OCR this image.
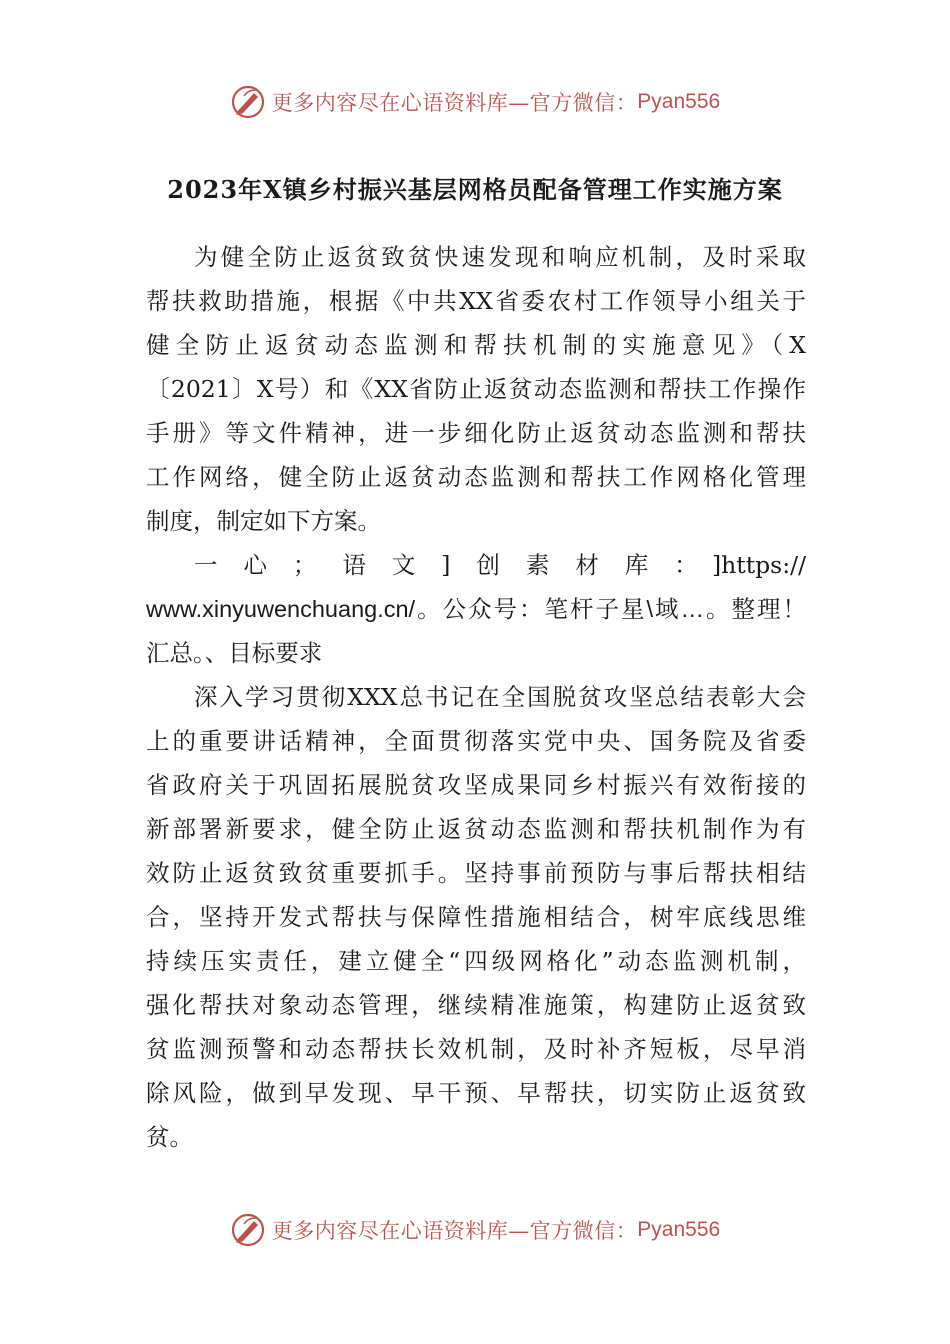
更多内容尽在心语资料库—官方微信： Pyan556
2023年X镇乡村振兴基层网格员配备管理工作实施方案
为健全防止返贫致贫快速发现和响应机制，及时采取
帮扶救助措施，根据《中共XX省委农村工作领导小组关于
健全防止返贫动态监测和帮扶机制的实施意见》（X
〔2021〕X号）和《XX省防止返贫动态监测和帮扶工作操作
手册》等文件精神，进一步细化防止返贫动态监测和帮扶
工作网络，健全防止返贫动态监测和帮扶工作网格化管理
制度，制定如下方案。
一心；语文]创素材库：]https://
www.xinyuwenchuang.cn/。公众号：笔杆子星\域…。整理！
汇总。、目标要求
深入学习贯彻XXX总书记在全国脱贫攻坚总结表彰大会
上的重要讲话精神，全面贯彻落实党中央、国务院及省委
省政府关于巩固拓展脱贫攻坚成果同乡村振兴有效衔接的
新部署新要求，健全防止返贫动态监测和帮扶机制作为有
效防止返贫致贫重要抓手。坚持事前预防与事后帮扶相结
合，坚持开发式帮扶与保障性措施相结合，树牢底线思维
持续压实责任，建立健全“四级网格化”动态监测机制，
强化帮扶对象动态管理，继续精准施策，构建防止返贫致
贫监测预警和动态帮扶长效机制，及时补齐短板，尽早消
除风险，做到早发现、早干预、早帮扶，切实防止返贫致
贫。
更多内容尽在心语资料库—官方微信： Pyan556
